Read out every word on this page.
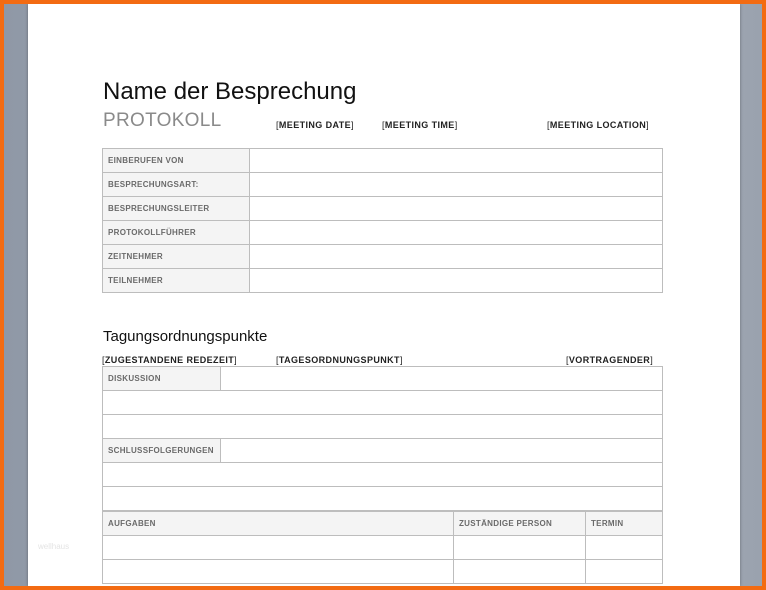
Name der Besprechung
PROTOKOLL	[MEETING DATE]	[MEETING TIME]	[MEETING LOCATION]
EINBERUFEN VON	
BESPRECHUNGSART:	
BESPRECHUNGSLEITER	
PROTOKOLLFÜHRER	
ZEITNEHMER	
TEILNEHMER	
Tagungsordnungspunkte
[ZUGESTANDENE REDEZEIT]	[TAGESORDNUNGSPUNKT]	[VORTRAGENDER]
DISKUSSION	

SCHLUSSFOLGERUNGEN	

AUFGABEN	ZUSTÄNDIGE PERSON	TERMIN

wellhaus
